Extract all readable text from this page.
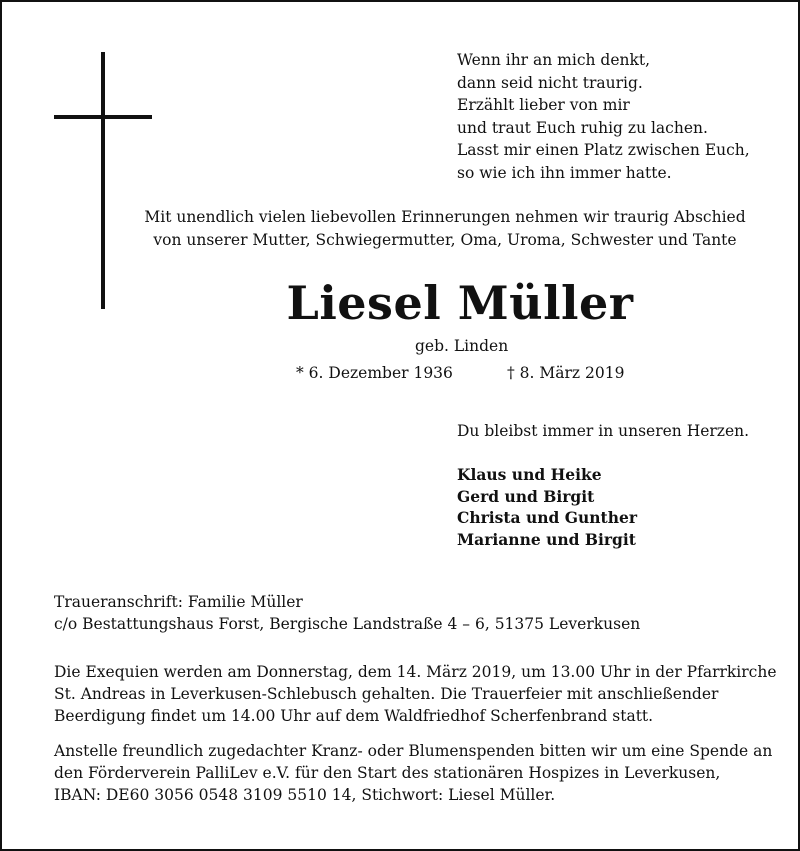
Wenn ihr an mich denkt,
dann seid nicht traurig.
Erzählt lieber von mir
und traut Euch ruhig zu lachen.
Lasst mir einen Platz zwischen Euch,
so wie ich ihn immer hatte.
Mit unendlich vielen liebevollen Erinnerungen nehmen wir traurig Abschied
von unserer Mutter, Schwiegermutter, Oma, Uroma, Schwester und Tante
Liesel Müller
geb. Linden
* 6. Dezember 1936	† 8. März 2019
Du bleibst immer in unseren Herzen.
Klaus und Heike
Gerd und Birgit
Christa und Gunther
Marianne und Birgit
Traueranschrift: Familie Müller
c/o Bestattungshaus Forst, Bergische Landstraße 4 – 6, 51375 Leverkusen
Die Exequien werden am Donnerstag, dem 14. März 2019, um 13.00 Uhr in der Pfarrkirche
St. Andreas in Leverkusen-Schlebusch gehalten. Die Trauerfeier mit anschließender
Beerdigung findet um 14.00 Uhr auf dem Waldfriedhof Scherfenbrand statt.
Anstelle freundlich zugedachter Kranz- oder Blumenspenden bitten wir um eine Spende an
den Förderverein PalliLev e.V. für den Start des stationären Hospizes in Leverkusen,
IBAN: DE60 3056 0548 3109 5510 14, Stichwort: Liesel Müller.
